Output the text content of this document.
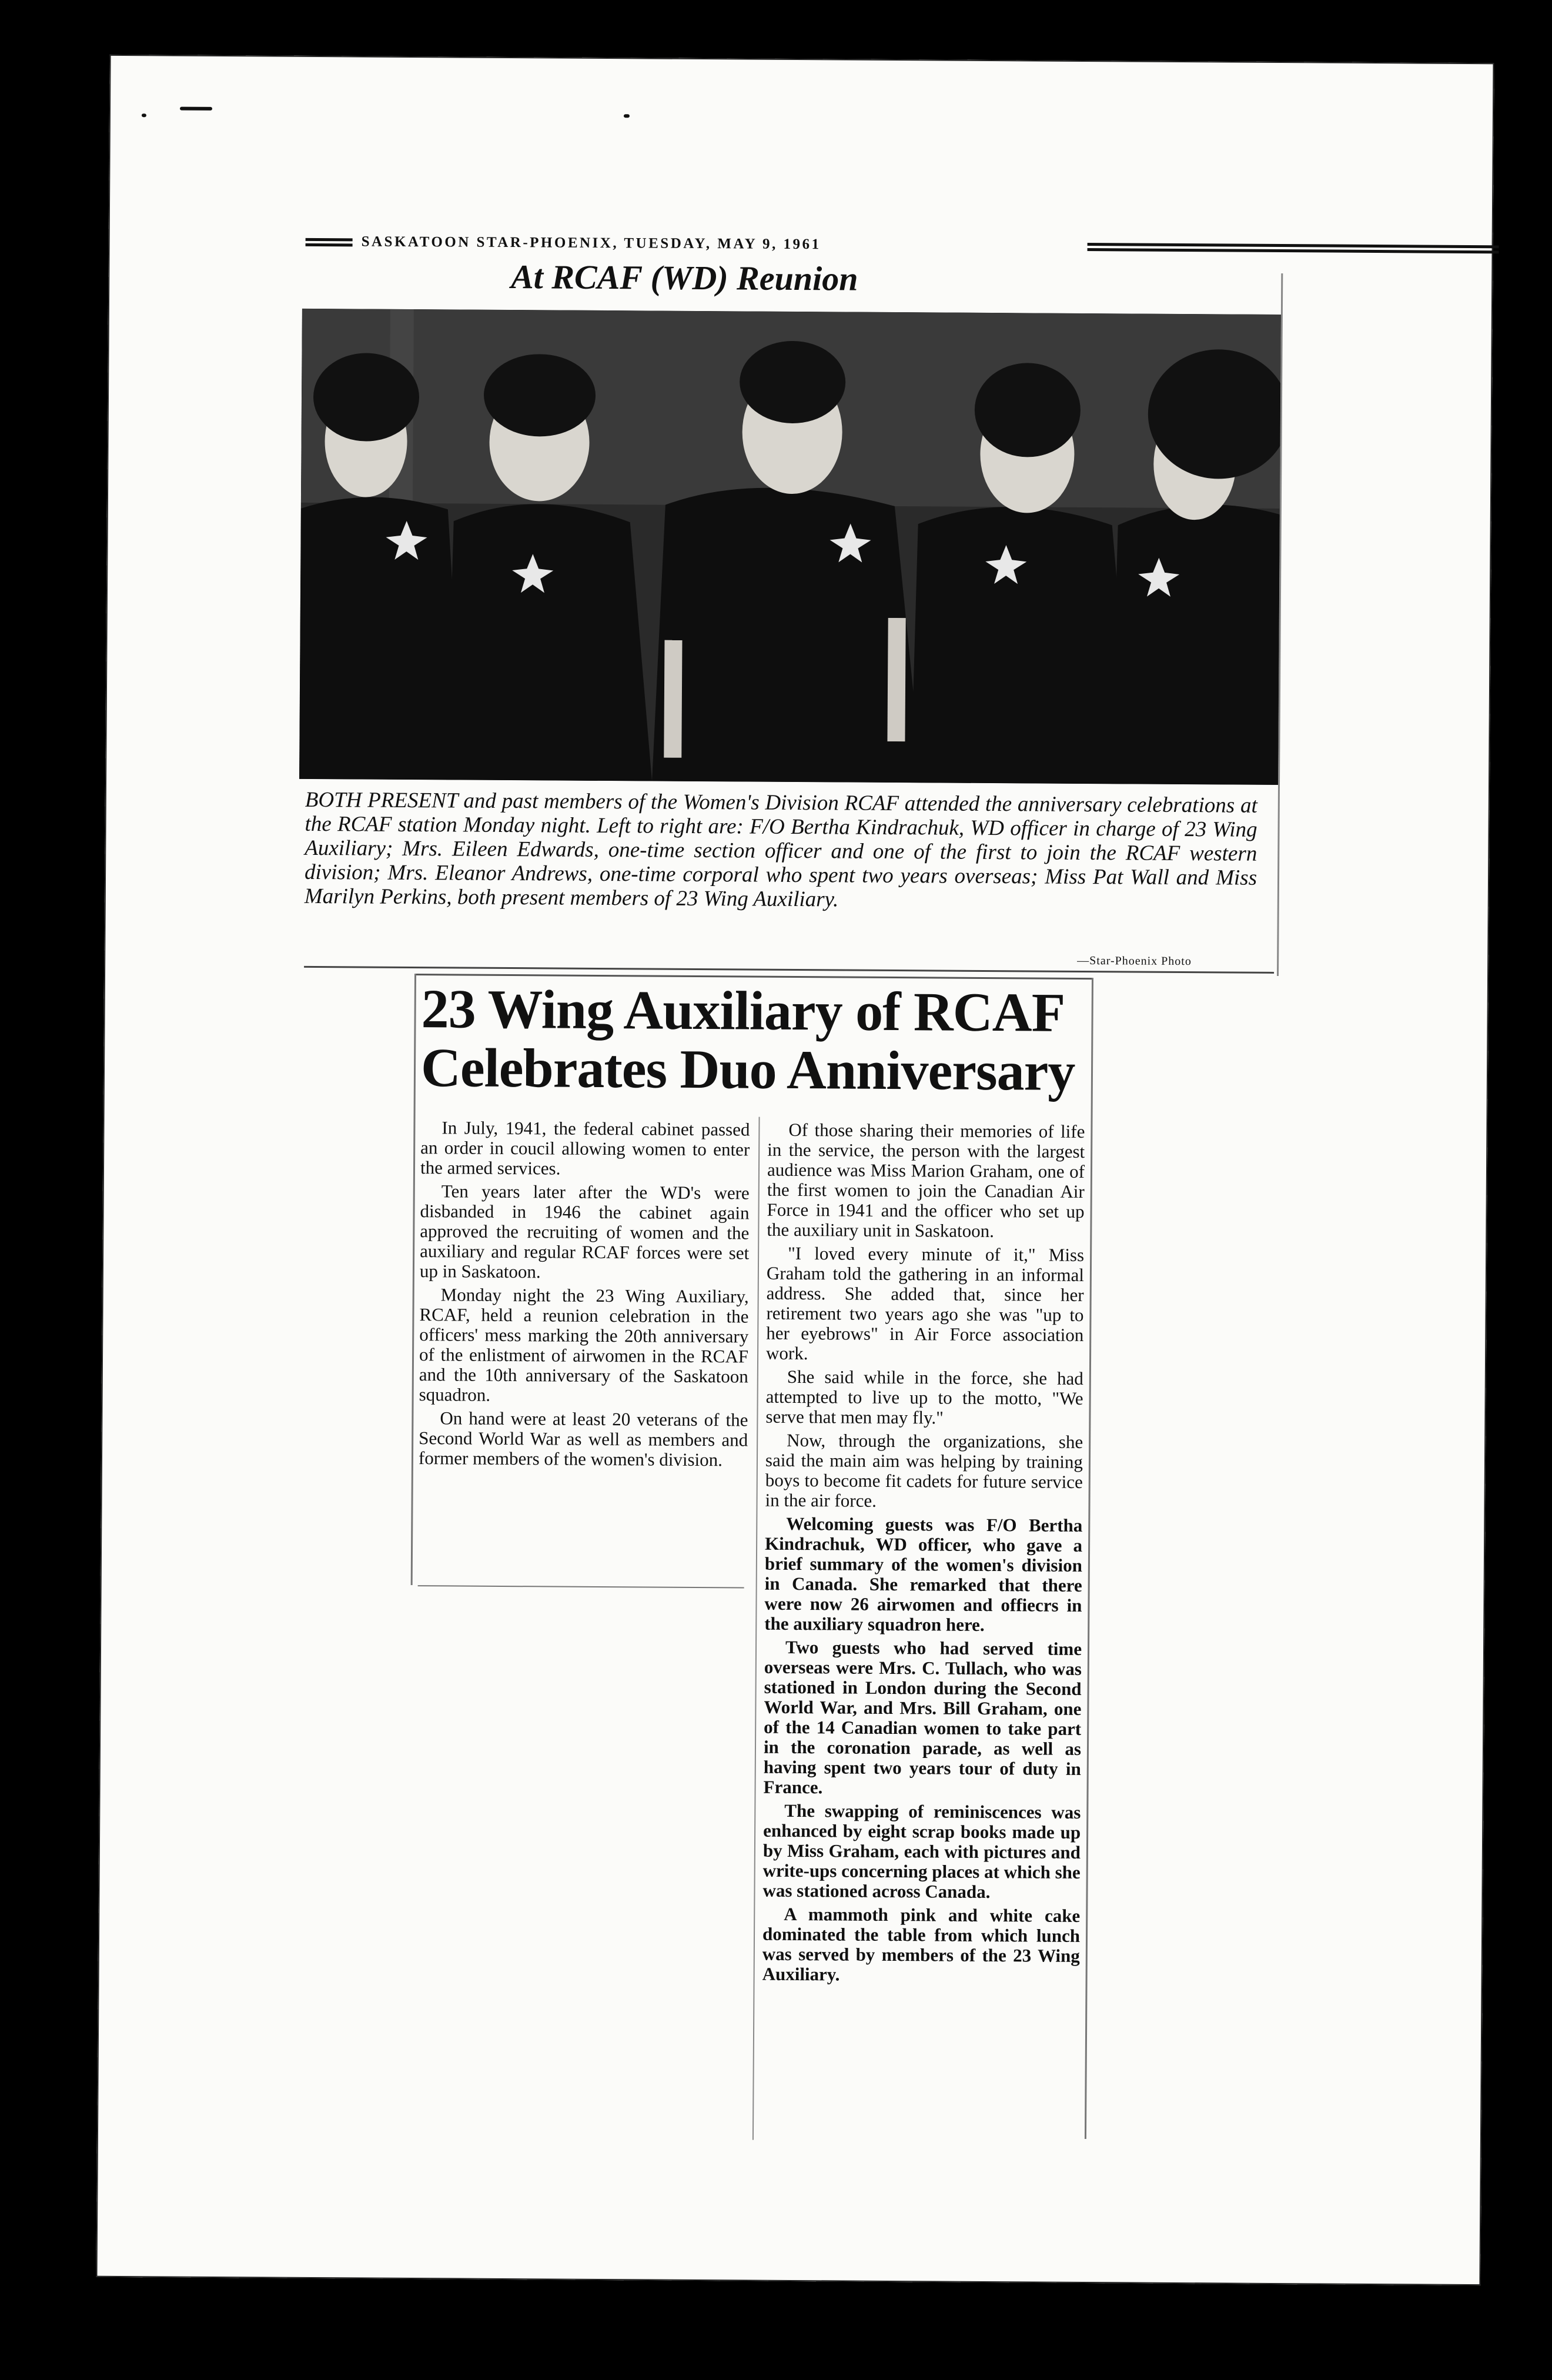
SASKATOON STAR-PHOENIX, TUESDAY, MAY 9, 1961
At RCAF (WD) Reunion
BOTH PRESENT and past members of the Women's Division RCAF attended the anniversary celebrations at the RCAF station Monday night. Left to right are: F/O Bertha Kindrachuk, WD officer in charge of 23 Wing Auxiliary; Mrs. Eileen Edwards, one-time section officer and one of the first to join the RCAF western division; Mrs. Eleanor Andrews, one-time corporal who spent two years overseas; Miss Pat Wall and Miss Marilyn Perkins, both present members of 23 Wing Auxiliary.
—Star-Phoenix Photo
23 Wing Auxiliary of RCAF
Celebrates Duo Anniversary

In July, 1941, the federal cabinet passed an order in coucil allowing women to enter the armed services.

Ten years later after the WD's were disbanded in 1946 the cabinet again approved the recruiting of women and the auxiliary and regular RCAF forces were set up in Saskatoon.

Monday night the 23 Wing Auxiliary, RCAF, held a reunion celebration in the officers' mess marking the 20th anniversary of the enlistment of airwomen in the RCAF and the 10th anniversary of the Saskatoon squadron.

On hand were at least 20 veterans of the Second World War as well as members and former members of the women's division.

Of those sharing their memories of life in the service, the person with the largest audience was Miss Marion Graham, one of the first women to join the Canadian Air Force in 1941 and the officer who set up the auxiliary unit in Saskatoon.

"I loved every minute of it," Miss Graham told the gathering in an informal address. She added that, since her retirement two years ago she was "up to her eyebrows" in Air Force association work.

She said while in the force, she had attempted to live up to the motto, "We serve that men may fly."

Now, through the organizations, she said the main aim was helping by training boys to become fit cadets for future service in the air force.

Welcoming guests was F/O Bertha Kindrachuk, WD officer, who gave a brief summary of the women's division in Canada. She remarked that there were now 26 airwomen and offiecrs in the auxiliary squadron here.

Two guests who had served time overseas were Mrs. C. Tullach, who was stationed in London during the Second World War, and Mrs. Bill Graham, one of the 14 Canadian women to take part in the coronation parade, as well as having spent two years tour of duty in France.

The swapping of reminiscences was enhanced by eight scrap books made up by Miss Graham, each with pictures and write-ups concerning places at which she was stationed across Canada.

A mammoth pink and white cake dominated the table from which lunch was served by members of the 23 Wing Auxiliary.
